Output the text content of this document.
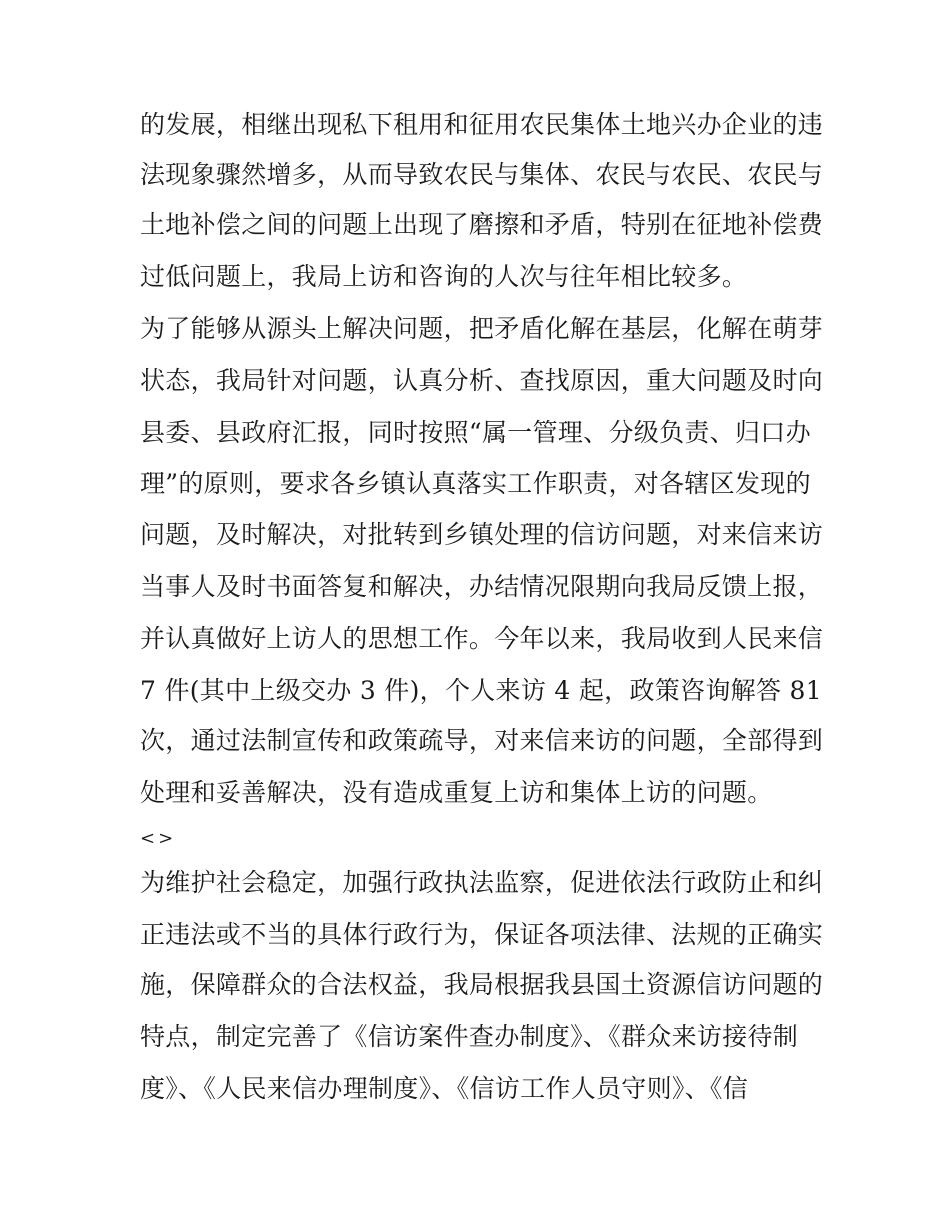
的发展，相继出现私下租用和征用农民集体土地兴办企业的违
法现象骤然增多，从而导致农民与集体、农民与农民、农民与
土地补偿之间的问题上出现了磨擦和矛盾，特别在征地补偿费
过低问题上，我局上访和咨询的人次与往年相比较多。
为了能够从源头上解决问题，把矛盾化解在基层，化解在萌芽
状态，我局针对问题，认真分析、查找原因，重大问题及时向
县委、县政府汇报，同时按照“属一管理、分级负责、归口办
理”的原则，要求各乡镇认真落实工作职责，对各辖区发现的
问题，及时解决，对批转到乡镇处理的信访问题，对来信来访
当事人及时书面答复和解决，办结情况限期向我局反馈上报，
并认真做好上访人的思想工作。今年以来，我局收到人民来信
7 件(其中上级交办 3 件)，个人来访 4 起，政策咨询解答 81
次，通过法制宣传和政策疏导，对来信来访的问题，全部得到
处理和妥善解决，没有造成重复上访和集体上访的问题。
<>
为维护社会稳定，加强行政执法监察，促进依法行政防止和纠
正违法或不当的具体行政行为，保证各项法律、法规的正确实
施，保障群众的合法权益，我局根据我县国土资源信访问题的
特点，制定完善了《信访案件查办制度》、《群众来访接待制
度》、《人民来信办理制度》、《信访工作人员守则》、《信
